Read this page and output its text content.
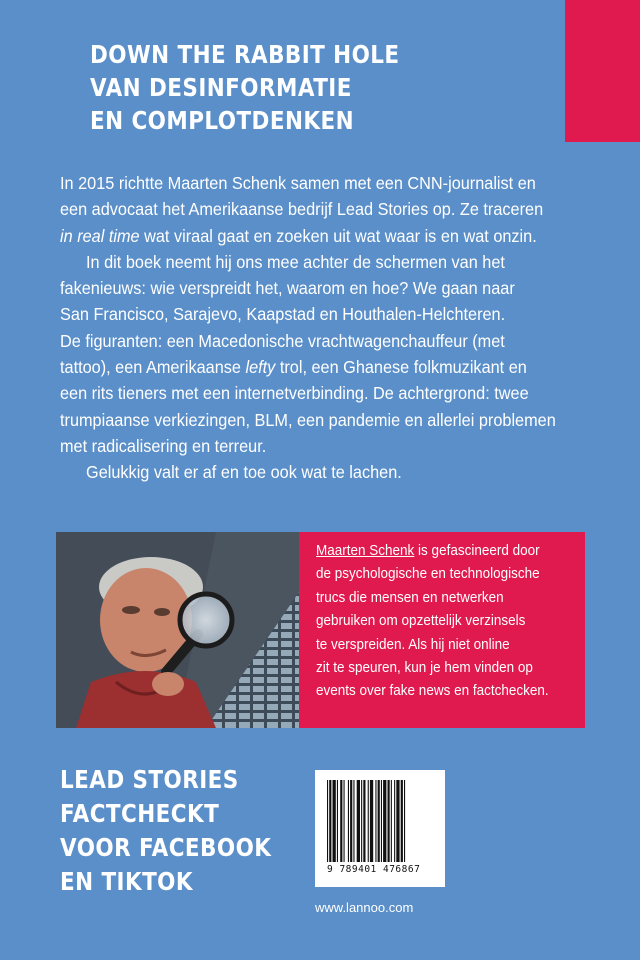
DOWN THE RABBIT HOLE
VAN DESINFORMATIE
EN COMPLOTDENKEN
In 2015 richtte Maarten Schenk samen met een CNN-journalist en
een advocaat het Amerikaanse bedrijf Lead Stories op. Ze traceren
in real time wat viraal gaat en zoeken uit wat waar is en wat onzin.
In dit boek neemt hij ons mee achter de schermen van het
fakenieuws: wie verspreidt het, waarom en hoe? We gaan naar
San Francisco, Sarajevo, Kaapstad en Houthalen-Helchteren.
De figuranten: een Macedonische vrachtwagenchauffeur (met
tattoo), een Amerikaanse lefty trol, een Ghanese folkmuzikant en
een rits tieners met een internetverbinding. De achtergrond: twee
trumpiaanse verkiezingen, BLM, een pandemie en allerlei problemen
met radicalisering en terreur.
Gelukkig valt er af en toe ook wat te lachen.
Maarten Schenk is gefascineerd door
de psychologische en technologische
trucs die mensen en netwerken
gebruiken om opzettelijk verzinsels
te verspreiden. Als hij niet online
zit te speuren, kun je hem vinden op
events over fake news en factchecken.
LEAD STORIES
FACTCHECKT
VOOR FACEBOOK
EN TIKTOK	9 789401 476867
www.lannoo.com
